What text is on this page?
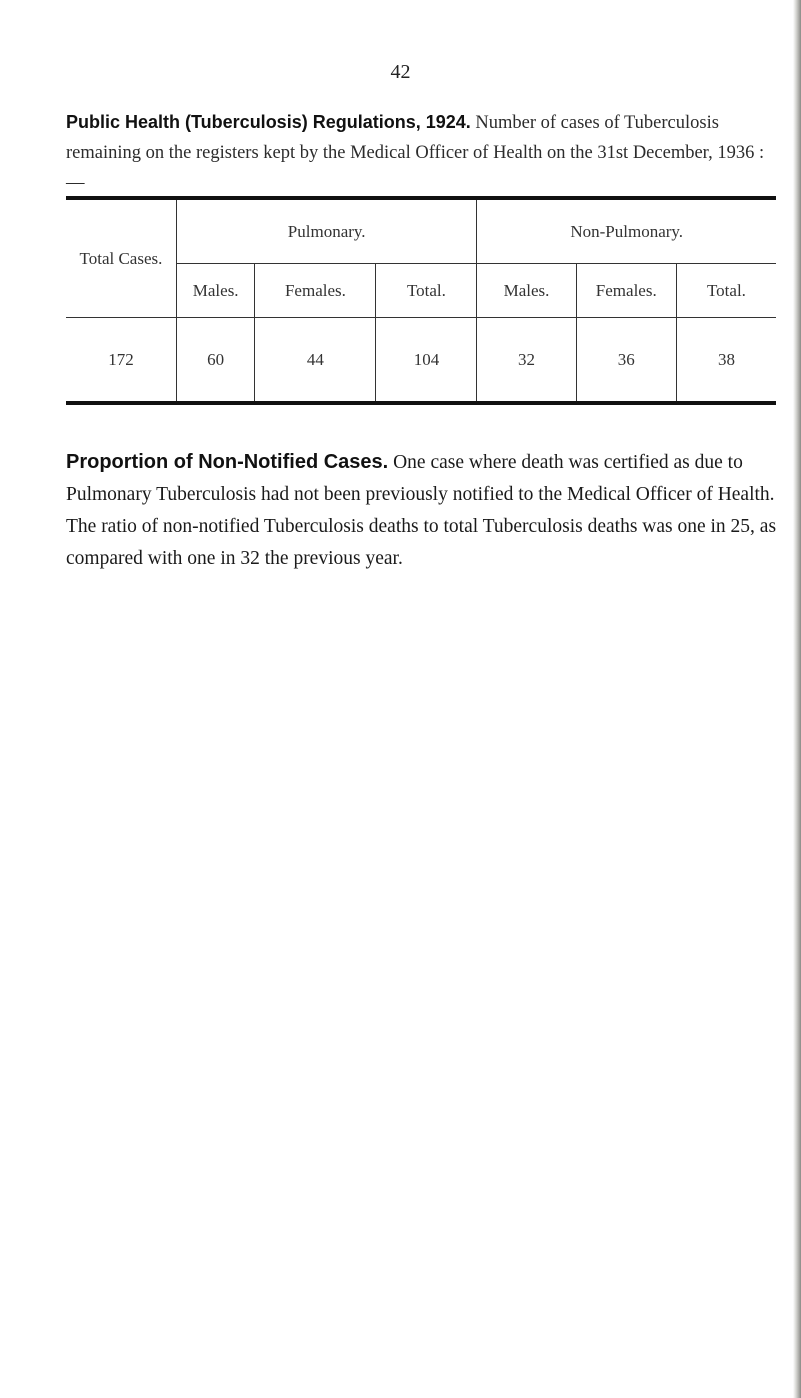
42

Public Health (Tuberculosis) Regulations, 1924. Number of cases of Tuberculosis remaining on the registers kept by the Medical Officer of Health on the 31st December, 1936 :—

Total Cases.	Pulmonary.			Non-Pulmonary.		
	Males.	Females.	Total.	Males.	Females.	Total.
172	60	44	104	32	36	38

Proportion of Non-Notified Cases. One case where death was certified as due to Pulmonary Tuberculosis had not been previously notified to the Medical Officer of Health. The ratio of non-notified Tuberculosis deaths to total Tuberculosis deaths was one in 25, as compared with one in 32 the previous year.
